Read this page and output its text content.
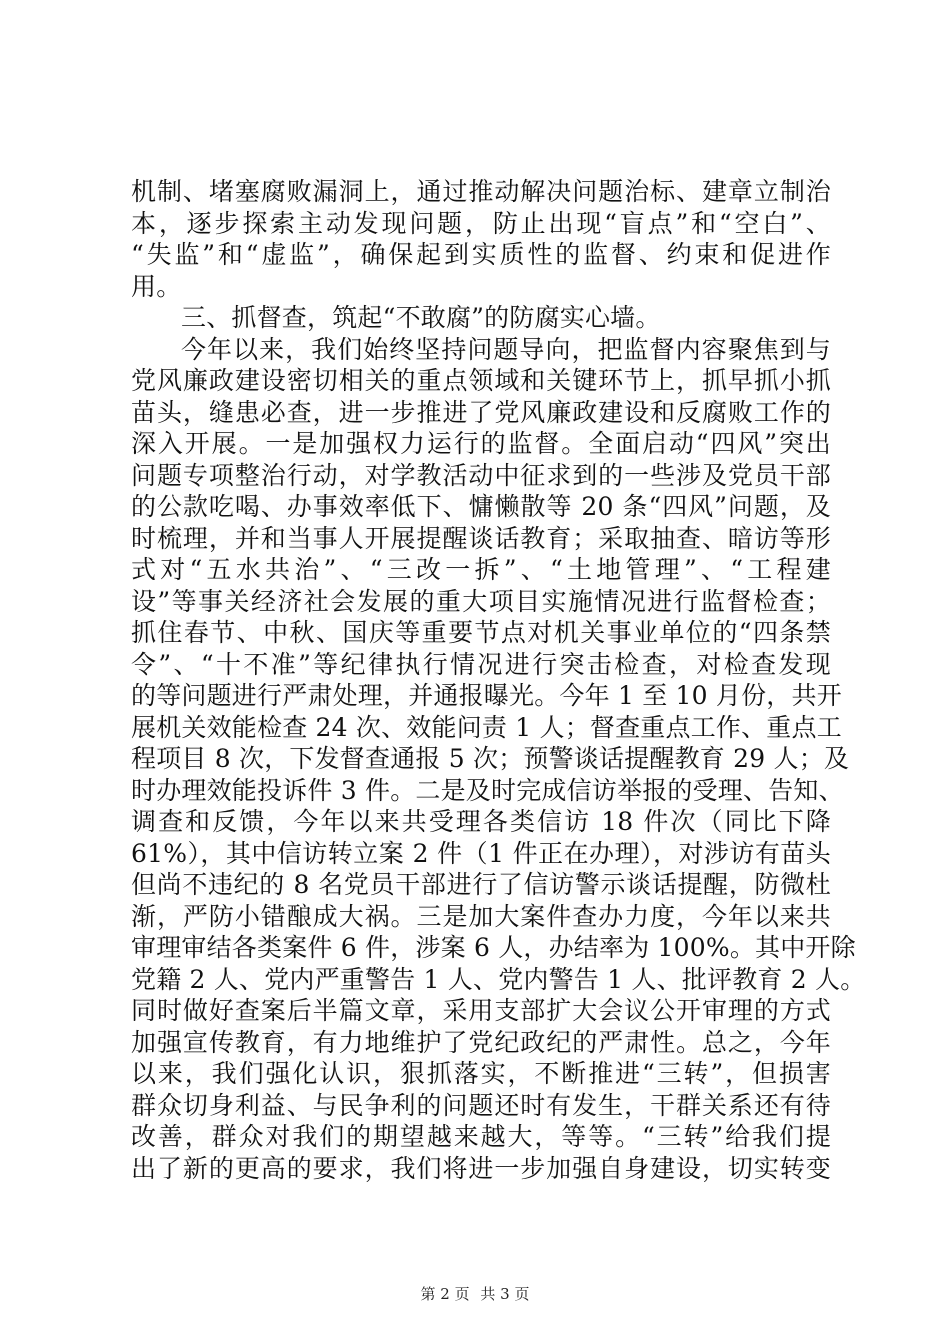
机制、堵塞腐败漏洞上，通过推动解决问题治标、建章立制治
本，逐步探索主动发现问题，防止出现“盲点”和“空白”、
“失监”和“虚监”，确保起到实质性的监督、约束和促进作
用。
三、抓督查，筑起“不敢腐”的防腐实心墙。
今年以来，我们始终坚持问题导向，把监督内容聚焦到与
党风廉政建设密切相关的重点领域和关键环节上，抓早抓小抓
苗头，缝患必查，进一步推进了党风廉政建设和反腐败工作的
深入开展。一是加强权力运行的监督。全面启动“四风”突出
问题专项整治行动，对学教活动中征求到的一些涉及党员干部
的公款吃喝、办事效率低下、慵懒散等 20 条“四风”问题，及
时梳理，并和当事人开展提醒谈话教育；采取抽查、暗访等形
式对“五水共治”、“三改一拆”、“土地管理”、“工程建
设”等事关经济社会发展的重大项目实施情况进行监督检查；
抓住春节、中秋、国庆等重要节点对机关事业单位的“四条禁
令”、“十不准”等纪律执行情况进行突击检查，对检查发现
的等问题进行严肃处理，并通报曝光。今年 1 至 10 月份，共开
展机关效能检查 24 次、效能问责 1 人；督查重点工作、重点工
程项目 8 次，下发督查通报 5 次；预警谈话提醒教育 29 人；及
时办理效能投诉件 3 件。二是及时完成信访举报的受理、告知、
调查和反馈，今年以来共受理各类信访 18 件次（同比下降
61%），其中信访转立案 2 件（1 件正在办理），对涉访有苗头
但尚不违纪的 8 名党员干部进行了信访警示谈话提醒，防微杜
渐，严防小错酿成大祸。三是加大案件查办力度，今年以来共
审理审结各类案件 6 件，涉案 6 人，办结率为 100%。其中开除
党籍 2 人、党内严重警告 1 人、党内警告 1 人、批评教育 2 人。
同时做好查案后半篇文章，采用支部扩大会议公开审理的方式
加强宣传教育，有力地维护了党纪政纪的严肃性。总之，今年
以来，我们强化认识，狠抓落实，不断推进“三转”，但损害
群众切身利益、与民争利的问题还时有发生，干群关系还有待
改善，群众对我们的期望越来越大，等等。“三转”给我们提
出了新的更高的要求，我们将进一步加强自身建设，切实转变
第 2 页 共 3 页
